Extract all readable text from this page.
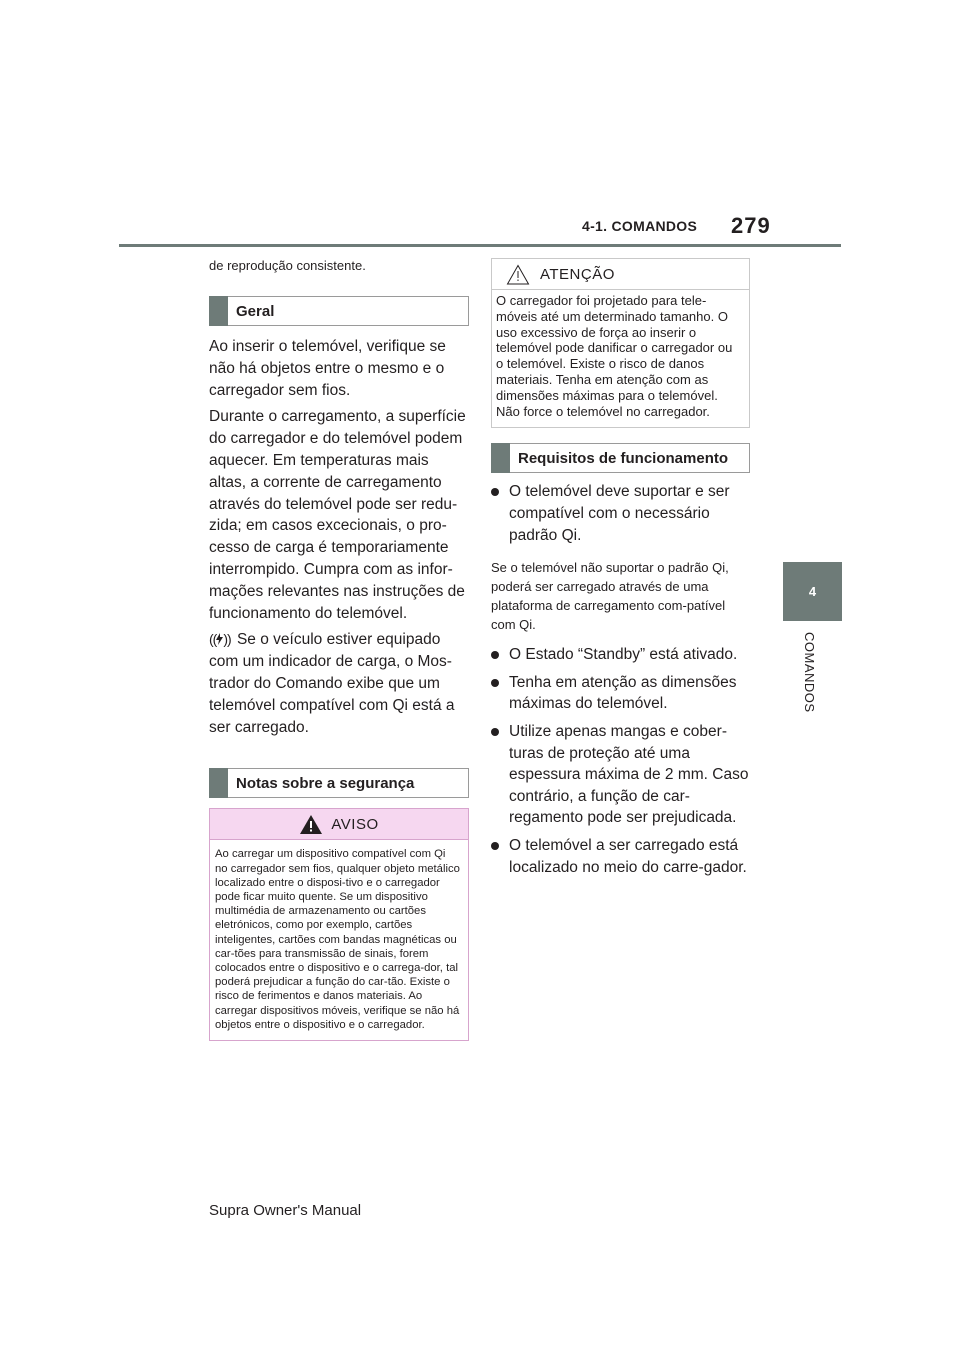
4-1. COMANDOS 279
4
COMANDOS
de reprodução consistente.
Geral

Ao inserir o telemóvel, verifique se não há objetos entre o mesmo e o carregador sem fios.

Durante o carregamento, a superfície do carregador e do telemóvel podem aquecer. Em temperaturas mais altas, a corrente de carregamento através do telemóvel pode ser redu-zida; em casos excecionais, o pro-cesso de carga é temporariamente interrompido. Cumpra com as infor-mações relevantes nas instruções de funcionamento do telemóvel.

(( )) Se o veículo estiver equipado com um indicador de carga, o Mos-trador do Comando exibe que um telemóvel compatível com Qi está a ser carregado.

Notas sobre a segurança
AVISO
Ao carregar um dispositivo compatível com Qi no carregador sem fios, qualquer objeto metálico localizado entre o disposi-tivo e o carregador pode ficar muito quente. Se um dispositivo multimédia de armazenamento ou cartões eletrónicos, como por exemplo, cartões inteligentes, cartões com bandas magnéticas ou car-tões para transmissão de sinais, forem colocados entre o dispositivo e o carrega-dor, tal poderá prejudicar a função do car-tão. Existe o risco de ferimentos e danos materiais. Ao carregar dispositivos móveis, verifique se não há objetos entre o dispositivo e o carregador.
ATENÇÃO
O carregador foi projetado para tele-móveis até um determinado tamanho. O uso excessivo de força ao inserir o telemóvel pode danificar o carregador ou o telemóvel. Existe o risco de danos materiais. Tenha em atenção com as dimensões máximas para o telemóvel. Não force o telemóvel no carregador.
Requisitos de funcionamento
O telemóvel deve suportar e ser compatível com o necessário padrão Qi.
Se o telemóvel não suportar o padrão Qi, poderá ser carregado através de uma plataforma de carregamento com-patível com Qi.
O Estado “Standby” está ativado.
Tenha em atenção as dimensões máximas do telemóvel.
Utilize apenas mangas e cober-turas de proteção até uma espessura máxima de 2 mm. Caso contrário, a função de car-regamento pode ser prejudicada.
O telemóvel a ser carregado está localizado no meio do carre-gador.
Supra Owner's Manual
